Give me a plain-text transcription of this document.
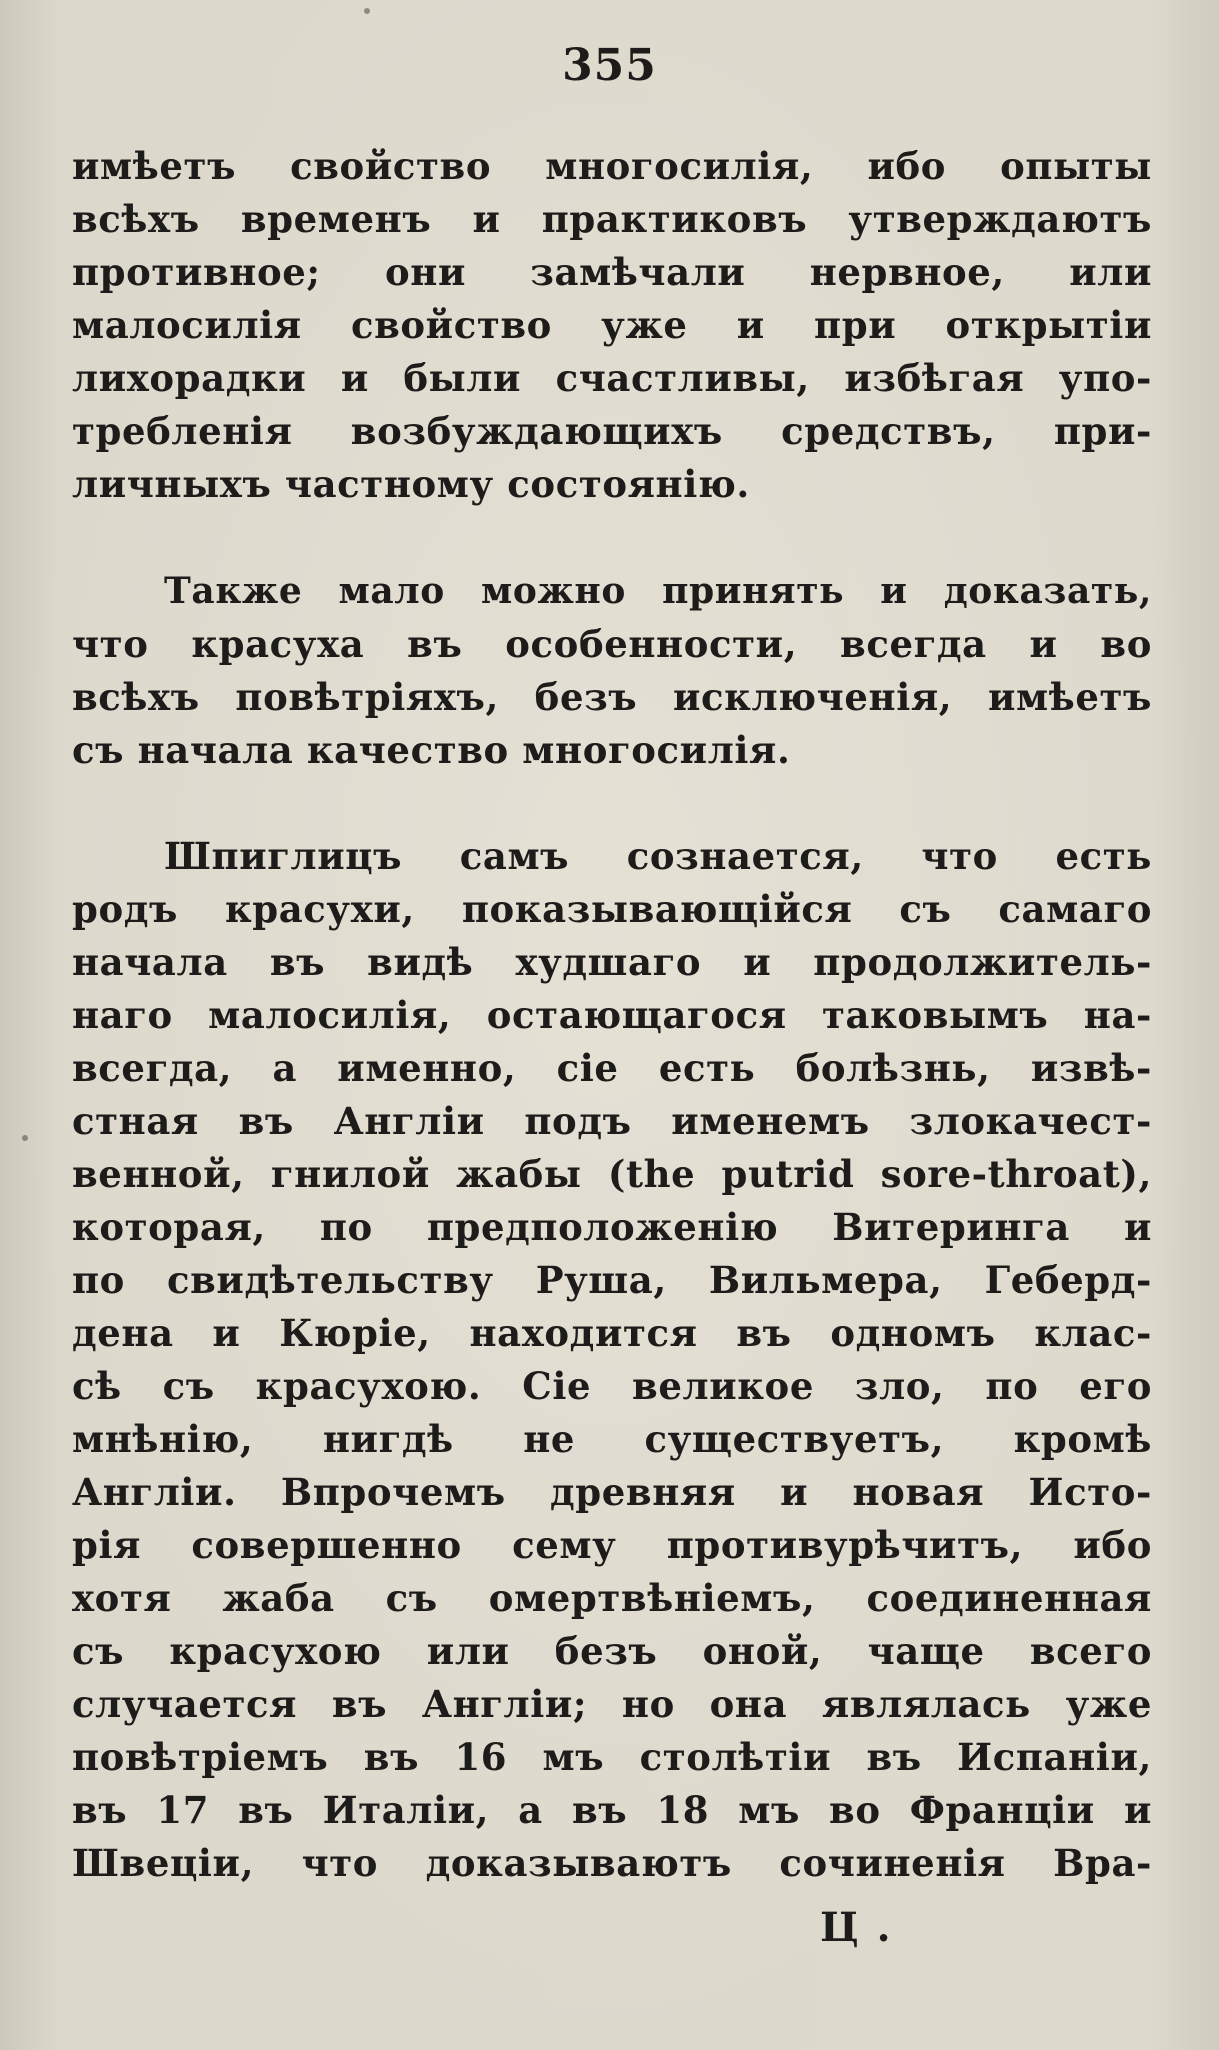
355
имѣетъ свойство многосилія, ибо опыты
всѣхъ временъ и практиковъ утверждаютъ
противное; они замѣчали нервное, или
малосилія свойство уже и при открытіи
лихорадки и были счастливы, избѣгая упо-
требленія возбуждающихъ средствъ, при-
личныхъ частному состоянію.
Также мало можно принять и доказать,
что красуха въ особенности, всегда и во
всѣхъ повѣтріяхъ, безъ исключенія, имѣетъ
съ начала качество многосилія.
Шпиглицъ самъ сознается, что есть
родъ красухи, показывающійся съ самаго
начала въ видѣ худшаго и продолжитель-
наго малосилія, остающагося таковымъ на-
всегда, а именно, сіе есть болѣзнь, извѣ-
стная въ Англіи подъ именемъ злокачест-
венной, гнилой жабы (the putrid sore-throat),
которая, по предположенію Витеринга и
по свидѣтельству Руша, Вильмера, Геберд-
дена и Кюріе, находится въ одномъ клас-
сѣ съ красухою. Сіе великое зло, по его
мнѣнію, нигдѣ не существуетъ, кромѣ
Англіи. Впрочемъ древняя и новая Исто-
рія совершенно сему противурѣчитъ, ибо
хотя жаба съ омертвѣніемъ, соединенная
съ красухою или безъ оной, чаще всего
случается въ Англіи; но она являлась уже
повѣтріемъ въ 16 мъ столѣтіи въ Испаніи,
въ 17 въ Италіи, а въ 18 мъ во Франціи и
Швеціи, что доказываютъ сочиненія Вра-
Ц.
